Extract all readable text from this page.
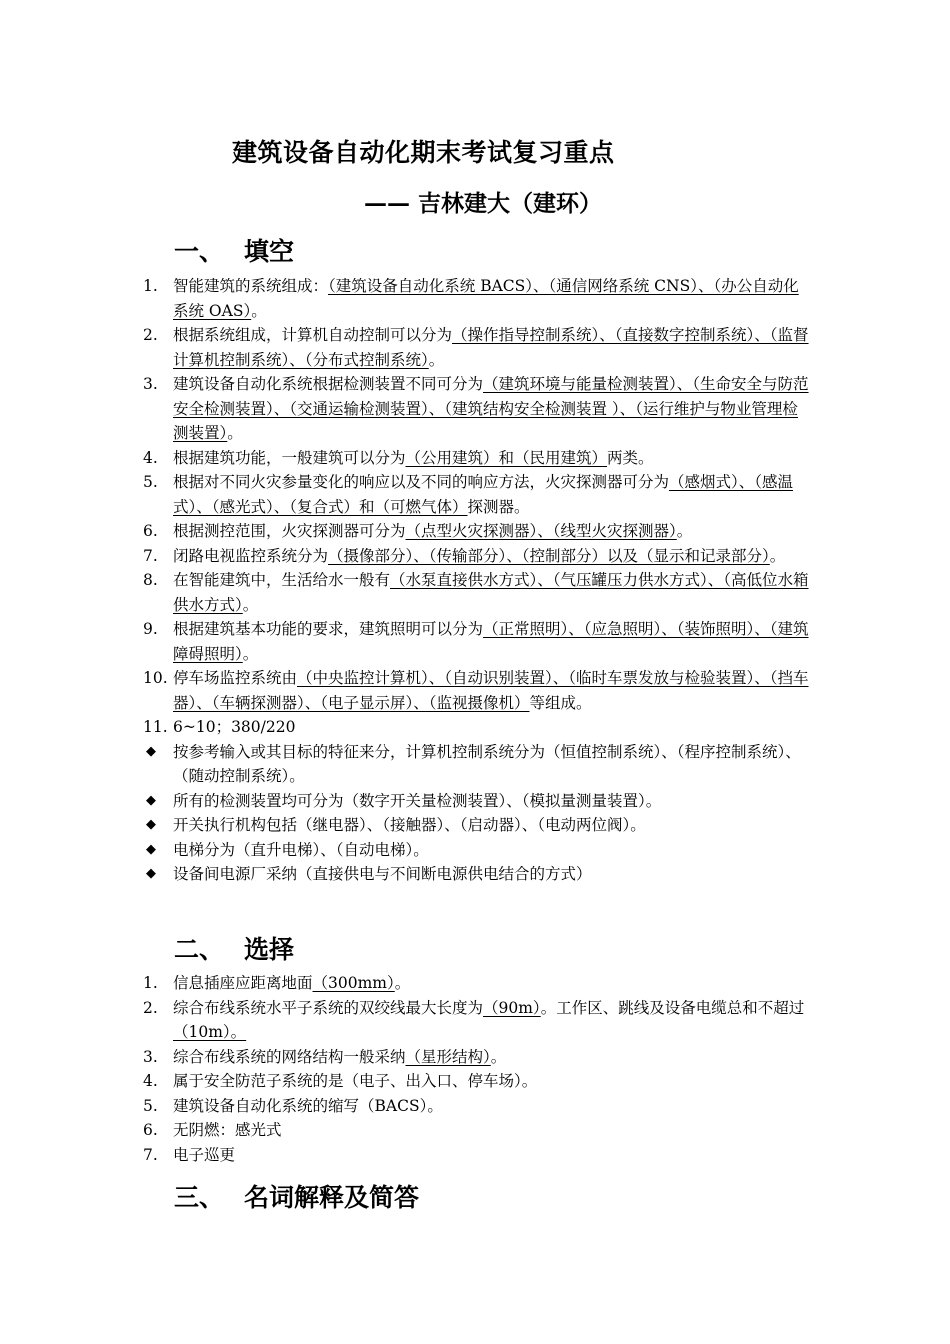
建筑设备自动化期末考试复习重点
—— 吉林建大（建环）
一、 填空
1. 智能建筑的系统组成：（建筑设备自动化系统 BACS）、（通信网络系统 CNS）、（办公自动化系统 OAS）。
2. 根据系统组成，计算机自动控制可以分为（操作指导控制系统）、（直接数字控制系统）、（监督计算机控制系统）、（分布式控制系统）。
3. 建筑设备自动化系统根据检测装置不同可分为（建筑环境与能量检测装置）、（生命安全与防范安全检测装置）、（交通运输检测装置）、（建筑结构安全检测装置 ）、（运行维护与物业管理检测装置）。
4. 根据建筑功能，一般建筑可以分为（公用建筑）和（民用建筑）两类。
5. 根据对不同火灾参量变化的响应以及不同的响应方法，火灾探测器可分为（感烟式）、（感温式）、（感光式）、（复合式）和（可燃气体）探测器。
6. 根据测控范围，火灾探测器可分为（点型火灾探测器）、（线型火灾探测器）。
7. 闭路电视监控系统分为（摄像部分）、（传输部分）、（控制部分）以及（显示和记录部分）。
8. 在智能建筑中，生活给水一般有（水泵直接供水方式）、（气压罐压力供水方式）、（高低位水箱供水方式）。
9. 根据建筑基本功能的要求，建筑照明可以分为（正常照明）、（应急照明）、（装饰照明）、（建筑障碍照明）。
10. 停车场监控系统由（中央监控计算机）、（自动识别装置）、（临时车票发放与检验装置）、（挡车器）、（车辆探测器）、（电子显示屏）、（监视摄像机）等组成。
11. 6~10；380/220
◆	按参考输入或其目标的特征来分，计算机控制系统分为（恒值控制系统）、（程序控制系统）、（随动控制系统）。
◆	所有的检测装置均可分为（数字开关量检测装置）、（模拟量测量装置）。
◆	开关执行机构包括（继电器）、（接触器）、（启动器）、（电动两位阀）。
◆	电梯分为（直升电梯）、（自动电梯）。
◆	设备间电源厂采纳（直接供电与不间断电源供电结合的方式）
二、 选择
1. 信息插座应距离地面（300mm）。
2. 综合布线系统水平子系统的双绞线最大长度为（90m）。工作区、跳线及设备电缆总和不超过（10m）。
3. 综合布线系统的网络结构一般采纳（星形结构）。
4. 属于安全防范子系统的是（电子、出入口、停车场）。
5. 建筑设备自动化系统的缩写（BACS）。
6. 无阴燃：感光式
7. 电子巡更
三、 名词解释及简答
